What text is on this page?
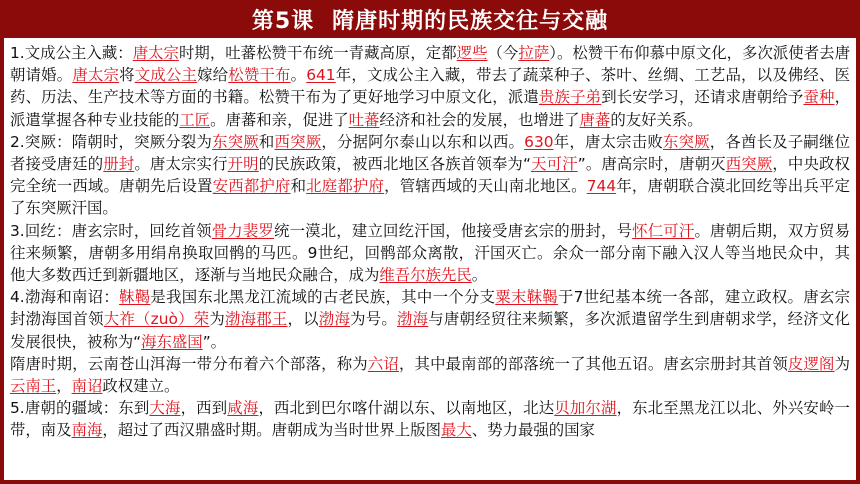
第5课 隋唐时期的民族交往与交融

1.文成公主入藏：唐太宗时期，吐蕃松赞干布统一青藏高原，定都逻些（今拉萨）。松赞干布仰慕中原文化，多次派使者去唐朝请婚。唐太宗将文成公主嫁给松赞干布。641年，文成公主入藏，带去了蔬菜种子、茶叶、丝绸、工艺品，以及佛经、医药、历法、生产技术等方面的书籍。松赞干布为了更好地学习中原文化，派遣贵族子弟到长安学习，还请求唐朝给予蚕种，派遣掌握各种专业技能的工匠。唐蕃和亲，促进了吐蕃经济和社会的发展，也增进了唐蕃的友好关系。

2.突厥：隋朝时，突厥分裂为东突厥和西突厥，分据阿尔泰山以东和以西。630年，唐太宗击败东突厥，各酋长及子嗣继位者接受唐廷的册封。唐太宗实行开明的民族政策，被西北地区各族首领奉为“天可汗”。唐高宗时，唐朝灭西突厥，中央政权完全统一西域。唐朝先后设置安西都护府和北庭都护府，管辖西域的天山南北地区。744年，唐朝联合漠北回纥等出兵平定了东突厥汗国。

3.回纥：唐玄宗时，回纥首领骨力裴罗统一漠北，建立回纥汗国，他接受唐玄宗的册封，号怀仁可汗。唐朝后期，双方贸易往来频繁，唐朝多用绢帛换取回鹘的马匹。9世纪，回鹘部众离散，汗国灭亡。余众一部分南下融入汉人等当地民众中，其他大多数西迁到新疆地区，逐渐与当地民众融合，成为维吾尔族先民。

4.渤海和南诏：靺鞨是我国东北黑龙江流域的古老民族，其中一个分支粟末靺鞨于7世纪基本统一各部，建立政权。唐玄宗封渤海国首领大祚（zuò）荣为渤海郡王，以渤海为号。渤海与唐朝经贸往来频繁，多次派遣留学生到唐朝求学，经济文化发展很快，被称为“海东盛国”。
隋唐时期，云南苍山洱海一带分布着六个部落，称为六诏，其中最南部的部落统一了其他五诏。唐玄宗册封其首领皮逻阁为云南王，南诏政权建立。

5.唐朝的疆域：东到大海，西到咸海，西北到巴尔喀什湖以东、以南地区，北达贝加尔湖，东北至黑龙江以北、外兴安岭一带，南及南海，超过了西汉鼎盛时期。唐朝成为当时世界上版图最大、势力最强的国家
